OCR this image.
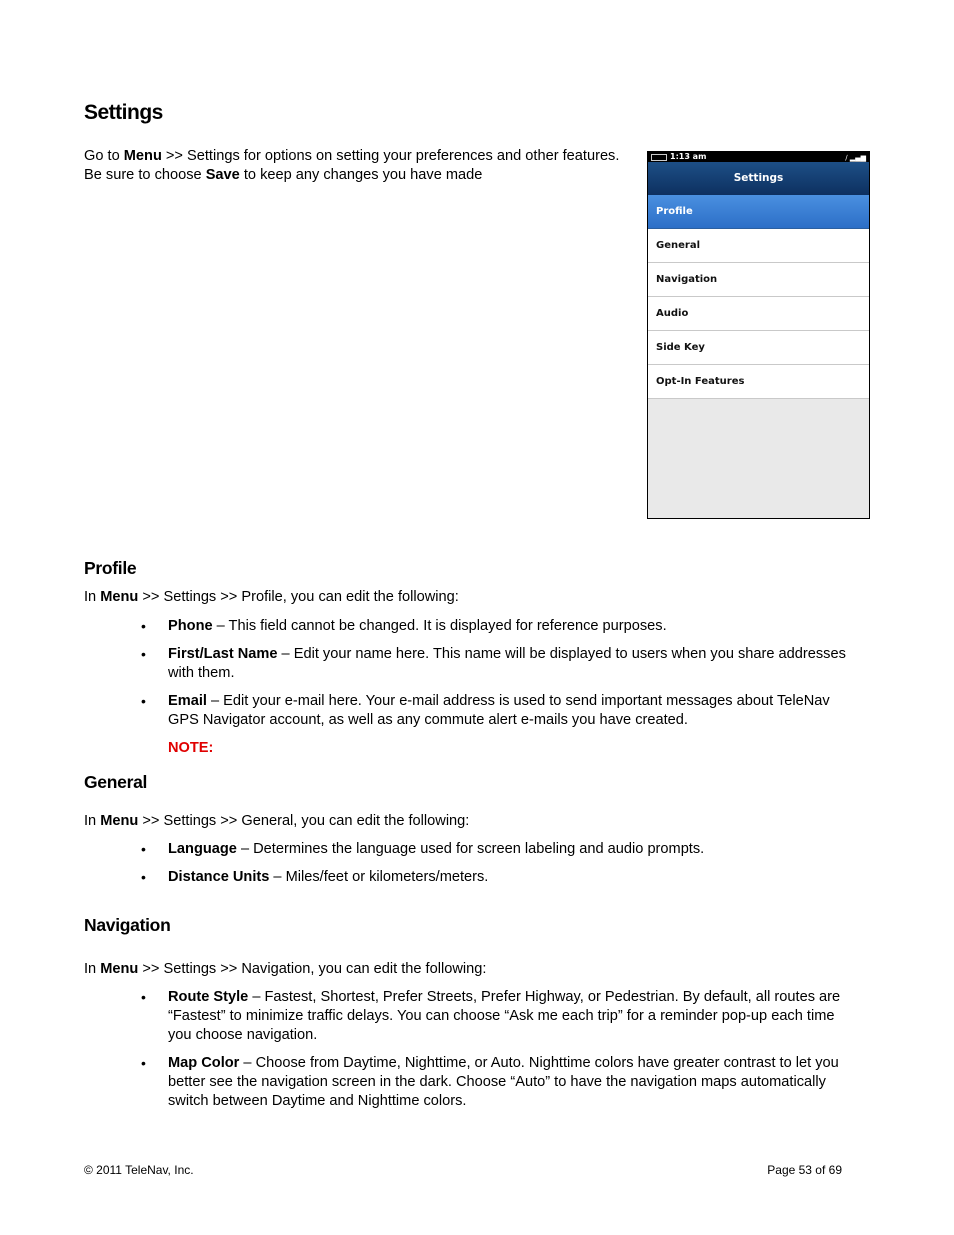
Settings
Go to Menu >> Settings for options on setting your preferences and other features.
Be sure to choose Save to keep any changes you have made
1:13 am	∕ ▂▄▆
Settings
Profile
General
Navigation
Audio
Side Key
Opt-In Features
Profile
In Menu >> Settings >> Profile, you can edit the following:
• Phone – This field cannot be changed. It is displayed for reference purposes.
• First/Last Name – Edit your name here. This name will be displayed to users when you share addresses with them.
• Email – Edit your e-mail here. Your e-mail address is used to send important messages about TeleNav GPS Navigator account, as well as any commute alert e-mails you have created.
NOTE:
General
In Menu >> Settings >> General, you can edit the following:
• Language – Determines the language used for screen labeling and audio prompts.
• Distance Units – Miles/feet or kilometers/meters.
Navigation
In Menu >> Settings >> Navigation, you can edit the following:
• Route Style – Fastest, Shortest, Prefer Streets, Prefer Highway, or Pedestrian. By default, all routes are “Fastest” to minimize traffic delays. You can choose “Ask me each trip” for a reminder pop-up each time you choose navigation.
• Map Color – Choose from Daytime, Nighttime, or Auto. Nighttime colors have greater contrast to let you better see the navigation screen in the dark. Choose “Auto” to have the navigation maps automatically switch between Daytime and Nighttime colors.
© 2011 TeleNav, Inc.	Page 53 of 69
